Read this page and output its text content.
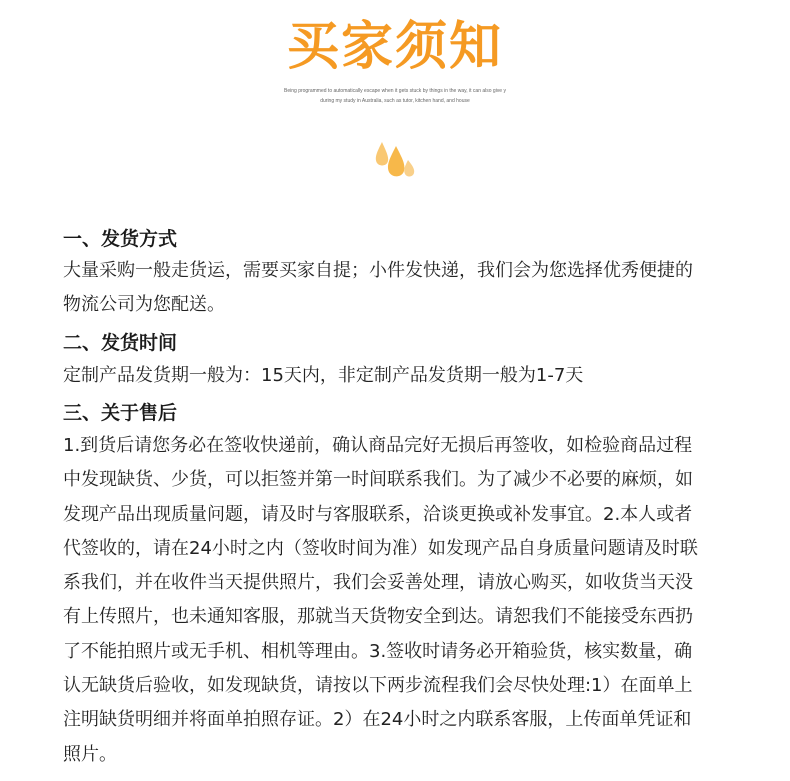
买家须知
Being programmed to automatically escape when it gets stuck by things in the way, it can also give y
during my study in Australia, such as tutor, kitchen hand, and house
一、发货方式
大量采购一般走货运，需要买家自提；小件发快递，我们会为您选择优秀便捷的
物流公司为您配送。
二、发货时间
定制产品发货期一般为：15天内，非定制产品发货期一般为1-7天
三、关于售后
1.到货后请您务必在签收快递前，确认商品完好无损后再签收，如检验商品过程
中发现缺货、少货，可以拒签并第一时间联系我们。为了减少不必要的麻烦，如
发现产品出现质量问题，请及时与客服联系，洽谈更换或补发事宜。2.本人或者
代签收的，请在24小时之内（签收时间为准）如发现产品自身质量问题请及时联
系我们，并在收件当天提供照片，我们会妥善处理，请放心购买，如收货当天没
有上传照片，也未通知客服，那就当天货物安全到达。请恕我们不能接受东西扔
了不能拍照片或无手机、相机等理由。3.签收时请务必开箱验货，核实数量，确
认无缺货后验收，如发现缺货，请按以下两步流程我们会尽快处理:1）在面单上
注明缺货明细并将面单拍照存证。2）在24小时之内联系客服，上传面单凭证和
照片。
